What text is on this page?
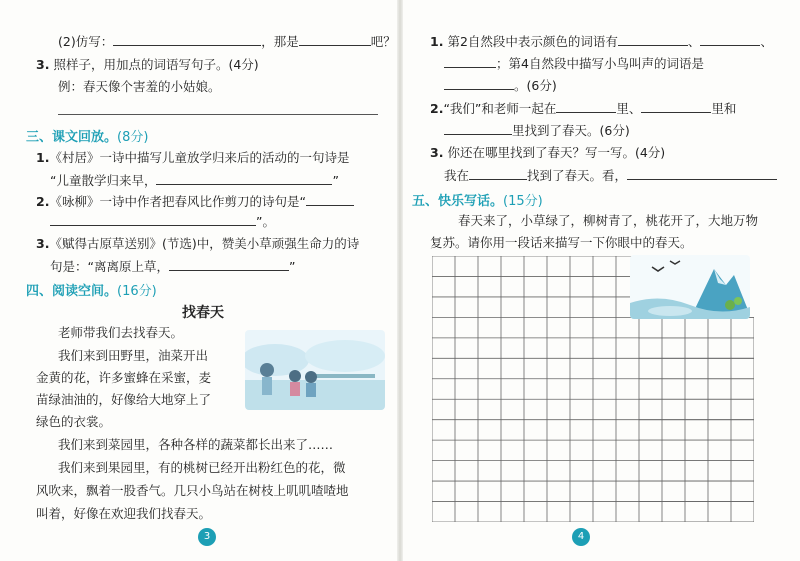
(2)仿写：	，那是	吧？
3. 照样子，用加点的词语写句子。(4分)
例：春天像个害羞的小姑娘。
三、课文回放。(8分)
1.《村居》一诗中描写儿童放学归来后的活动的一句诗是
“儿童散学归来早，	”
2.《咏柳》一诗中作者把春风比作剪刀的诗句是“
”。
3.《赋得古原草送别》(节选)中，赞美小草顽强生命力的诗
句是：“离离原上草，	”
四、阅读空间。(16分)
找春天
老师带我们去找春天。
我们来到田野里，油菜开出
金黄的花，许多蜜蜂在采蜜，麦
苗绿油油的，好像给大地穿上了
绿色的衣裳。
我们来到菜园里，各种各样的蔬菜都长出来了……
我们来到果园里，有的桃树已经开出粉红色的花，微
风吹来，飘着一股香气。几只小鸟站在树枝上叽叽喳喳地
叫着，好像在欢迎我们找春天。
3
1. 第2自然段中表示颜色的词语有	、	、
；第4自然段中描写小鸟叫声的词语是
。(6分)
2.“我们”和老师一起在	里、	里和
里找到了春天。(6分)
3. 你还在哪里找到了春天？写一写。(4分)
我在	找到了春天。看，
五、快乐写话。(15分)
春天来了，小草绿了，柳树青了，桃花开了，大地万物
复苏。请你用一段话来描写一下你眼中的春天。
4
